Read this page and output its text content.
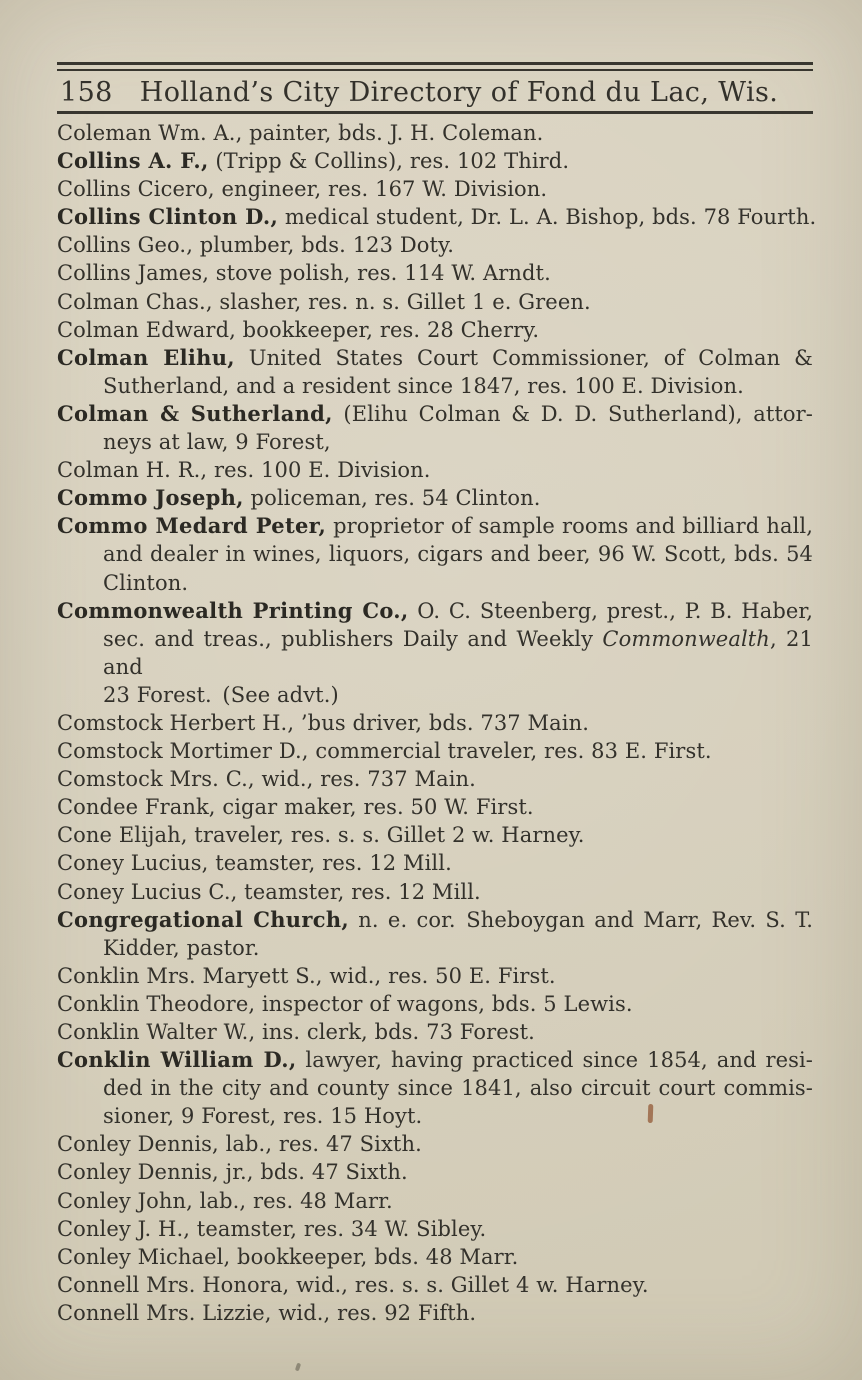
158 Holland’s City Directory of Fond du Lac, Wis.
Coleman Wm. A., painter, bds. J. H. Coleman.
Collins A. F., (Tripp & Collins), res. 102 Third.
Collins Cicero, engineer, res. 167 W. Division.
Collins Clinton D., medical student, Dr. L. A. Bishop, bds. 78 Fourth.
Collins Geo., plumber, bds. 123 Doty.
Collins James, stove polish, res. 114 W. Arndt.
Colman Chas., slasher, res. n. s. Gillet 1 e. Green.
Colman Edward, bookkeeper, res. 28 Cherry.
Colman Elihu, United States Court Commissioner, of Colman &
Sutherland, and a resident since 1847, res. 100 E. Division.
Colman & Sutherland, (Elihu Colman & D. D. Sutherland), attor-
neys at law, 9 Forest,
Colman H. R., res. 100 E. Division.
Commo Joseph, policeman, res. 54 Clinton.
Commo Medard Peter, proprietor of sample rooms and billiard hall,
and dealer in wines, liquors, cigars and beer, 96 W. Scott, bds. 54
Clinton.
Commonwealth Printing Co., O. C. Steenberg, prest., P. B. Haber,
sec. and treas., publishers Daily and Weekly Commonwealth, 21 and
23 Forest. (See advt.)
Comstock Herbert H., ’bus driver, bds. 737 Main.
Comstock Mortimer D., commercial traveler, res. 83 E. First.
Comstock Mrs. C., wid., res. 737 Main.
Condee Frank, cigar maker, res. 50 W. First.
Cone Elijah, traveler, res. s. s. Gillet 2 w. Harney.
Coney Lucius, teamster, res. 12 Mill.
Coney Lucius C., teamster, res. 12 Mill.
Congregational Church, n. e. cor. Sheboygan and Marr, Rev. S. T.
Kidder, pastor.
Conklin Mrs. Maryett S., wid., res. 50 E. First.
Conklin Theodore, inspector of wagons, bds. 5 Lewis.
Conklin Walter W., ins. clerk, bds. 73 Forest.
Conklin William D., lawyer, having practiced since 1854, and resi-
ded in the city and county since 1841, also circuit court commis-
sioner, 9 Forest, res. 15 Hoyt.
Conley Dennis, lab., res. 47 Sixth.
Conley Dennis, jr., bds. 47 Sixth.
Conley John, lab., res. 48 Marr.
Conley J. H., teamster, res. 34 W. Sibley.
Conley Michael, bookkeeper, bds. 48 Marr.
Connell Mrs. Honora, wid., res. s. s. Gillet 4 w. Harney.
Connell Mrs. Lizzie, wid., res. 92 Fifth.
